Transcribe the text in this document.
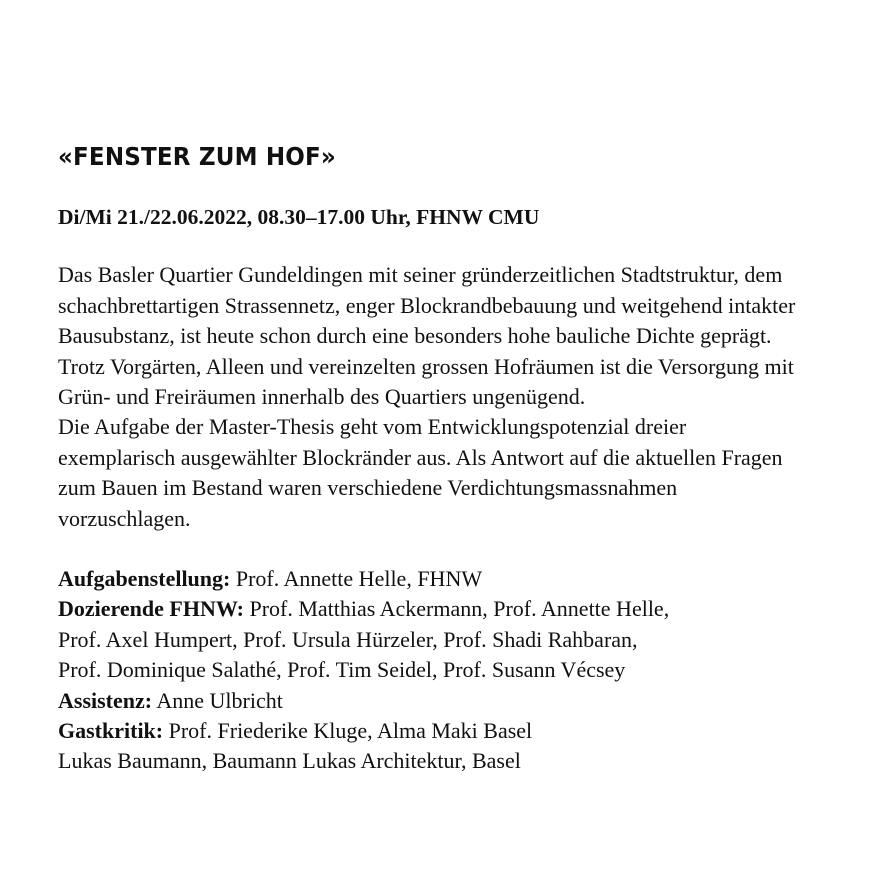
«FENSTER ZUM HOF»
Di/Mi 21./22.06.2022, 08.30–17.00 Uhr, FHNW CMU

Das Basler Quartier Gundeldingen mit seiner gründerzeitlichen Stadtstruktur, dem schachbrettartigen Strassennetz, enger Blockrandbebauung und weitgehend intakter Bausubstanz, ist heute schon durch eine besonders hohe bauliche Dichte geprägt. Trotz Vorgärten, Alleen und vereinzelten grossen Hofräumen ist die Versorgung mit Grün- und Freiräumen innerhalb des Quartiers ungenügend.

Die Aufgabe der Master-Thesis geht vom Entwicklungspotenzial dreier exemplarisch ausgewählter Blockränder aus. Als Antwort auf die aktuellen Fragen zum Bauen im Bestand waren verschiedene Verdichtungsmassnahmen vorzuschlagen.

Aufgabenstellung: Prof. Annette Helle, FHNW
Dozierende FHNW: Prof. Matthias Ackermann, Prof. Annette Helle,
Prof. Axel Humpert, Prof. Ursula Hürzeler, Prof. Shadi Rahbaran,
Prof. Dominique Salathé, Prof. Tim Seidel, Prof. Susann Vécsey
Assistenz: Anne Ulbricht
Gastkritik: Prof. Friederike Kluge, Alma Maki Basel
Lukas Baumann, Baumann Lukas Architektur, Basel
